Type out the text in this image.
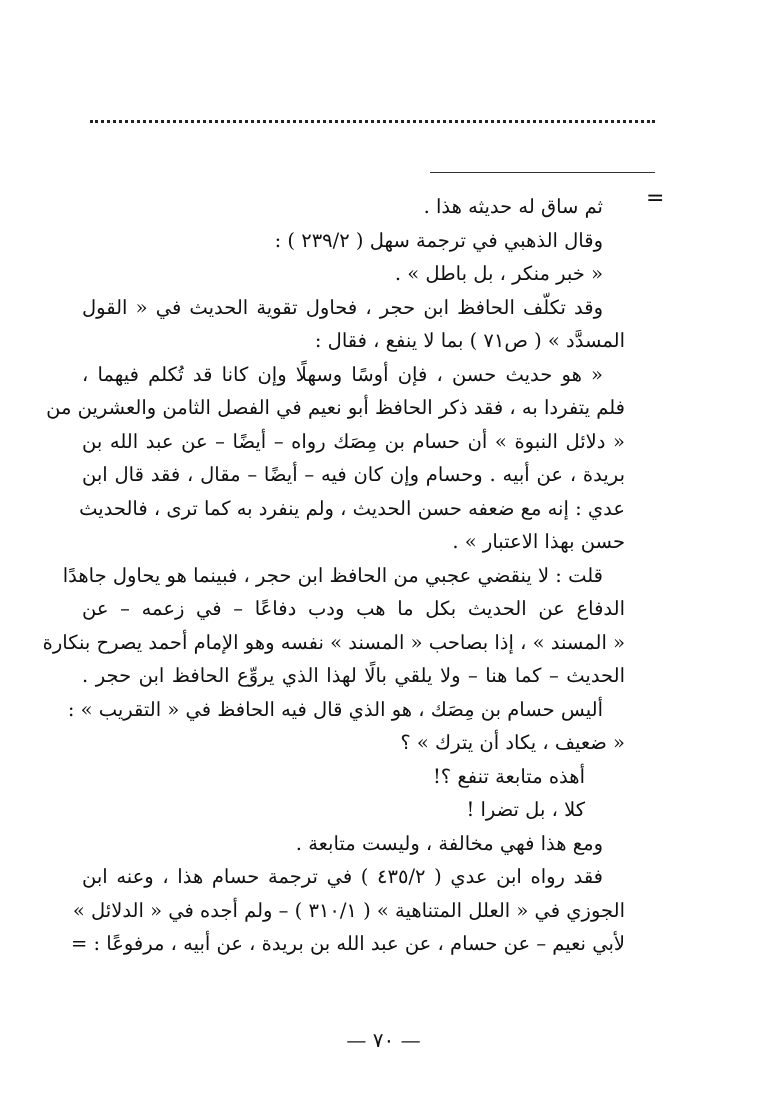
=
ثم ساق له حديثه هذا .
وقال الذهبي في ترجمة سهل ( ٢٣٩/٢ ) :
« خبر منكر ، بل باطل » .
وقد تكلّف الحافظ ابن حجر ، فحاول تقوية الحديث في « القول
المسدَّد » ( ص٧١ ) بما لا ينفع ، فقال :
« هو حديث حسن ، فإن أوسًا وسهلًا وإن كانا قد تُكلم فيهما ،
فلم يتفردا به ، فقد ذكر الحافظ أبو نعيم في الفصل الثامن والعشرين من
« دلائل النبوة » أن حسام بن مِصَك رواه – أيضًا – عن عبد الله بن
بريدة ، عن أبيه . وحسام وإن كان فيه – أيضًا – مقال ، فقد قال ابن
عدي : إنه مع ضعفه حسن الحديث ، ولم ينفرد به كما ترى ، فالحديث
حسن بهذا الاعتبار » .
قلت : لا ينقضي عجبي من الحافظ ابن حجر ، فبينما هو يحاول جاهدًا
الدفاع عن الحديث بكل ما هب ودب دفاعًا – في زعمه – عن
« المسند » ، إذا بصاحب « المسند » نفسه وهو الإمام أحمد يصرح بنكارة
الحديث – كما هنا – ولا يلقي بالًا لهذا الذي يروِّع الحافظ ابن حجر .
أليس حسام بن مِصَك ، هو الذي قال فيه الحافظ في « التقريب » :
« ضعيف ، يكاد أن يترك » ؟
أهذه متابعة تنفع ؟!
كلا ، بل تضرا !
ومع هذا فهي مخالفة ، وليست متابعة .
فقد رواه ابن عدي ( ٤٣٥/٢ ) في ترجمة حسام هذا ، وعنه ابن
الجوزي في « العلل المتناهية » ( ٣١٠/١ ) – ولم أجده في « الدلائل »
لأبي نعيم – عن حسام ، عن عبد الله بن بريدة ، عن أبيه ، مرفوعًا : =
— ٧٠ —
